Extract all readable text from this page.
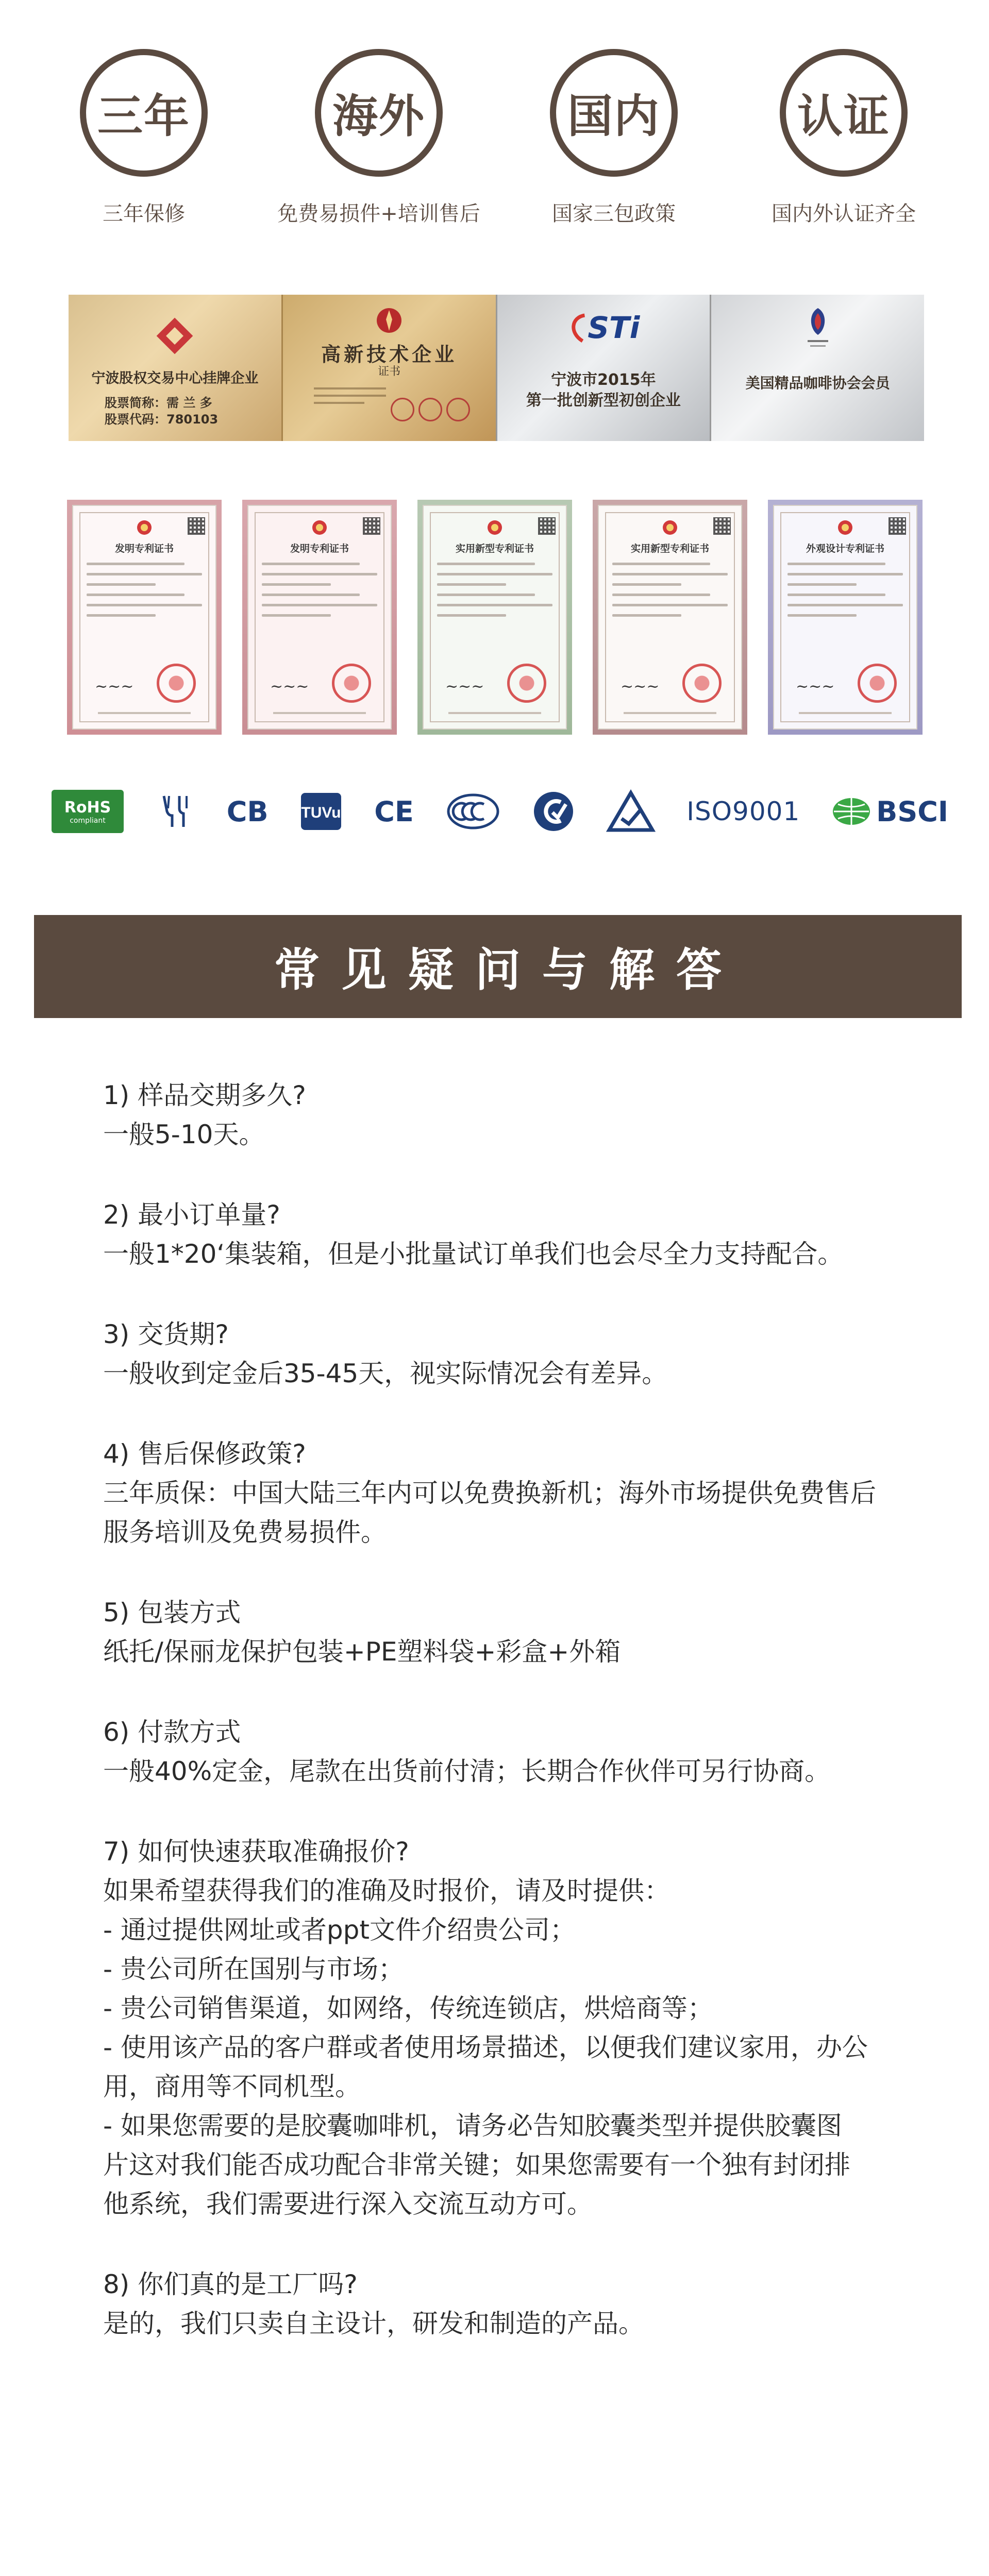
三年
三年保修
海外
免费易损件+培训售后
国内
国家三包政策
认证
国内外认证齐全
宁波股权交易中心挂牌企业
股票简称：需 兰 多
股票代码：780103
高新技术企业
证书
STi
宁波市2015年
第一批创新型初创企业
美国精品咖啡协会会员
发明专利证书
~~~
发明专利证书
~~~
实用新型专利证书
~~~
实用新型专利证书
~~~
外观设计专利证书
~~~
RoHS
compliant	CB cTUVus CE	ISO9001	BSCI
常见疑问与解答

1) 样品交期多久?

一般5-10天。

2) 最小订单量?

一般1*20‘集装箱，但是小批量试订单我们也会尽全力支持配合。

3) 交货期?

一般收到定金后35-45天，视实际情况会有差异。

4) 售后保修政策?

三年质保：中国大陆三年内可以免费换新机；海外市场提供免费售后

服务培训及免费易损件。

5) 包装方式

纸托/保丽龙保护包装+PE塑料袋+彩盒+外箱

6) 付款方式

一般40%定金，尾款在出货前付清；长期合作伙伴可另行协商。

7) 如何快速获取准确报价?

如果希望获得我们的准确及时报价，请及时提供：

- 通过提供网址或者ppt文件介绍贵公司；

- 贵公司所在国别与市场；

- 贵公司销售渠道，如网络，传统连锁店，烘焙商等；

- 使用该产品的客户群或者使用场景描述，以便我们建议家用，办公

用，商用等不同机型。

- 如果您需要的是胶囊咖啡机，请务必告知胶囊类型并提供胶囊图

片这对我们能否成功配合非常关键；如果您需要有一个独有封闭排

他系统，我们需要进行深入交流互动方可。

8) 你们真的是工厂吗?

是的，我们只卖自主设计，研发和制造的产品。
